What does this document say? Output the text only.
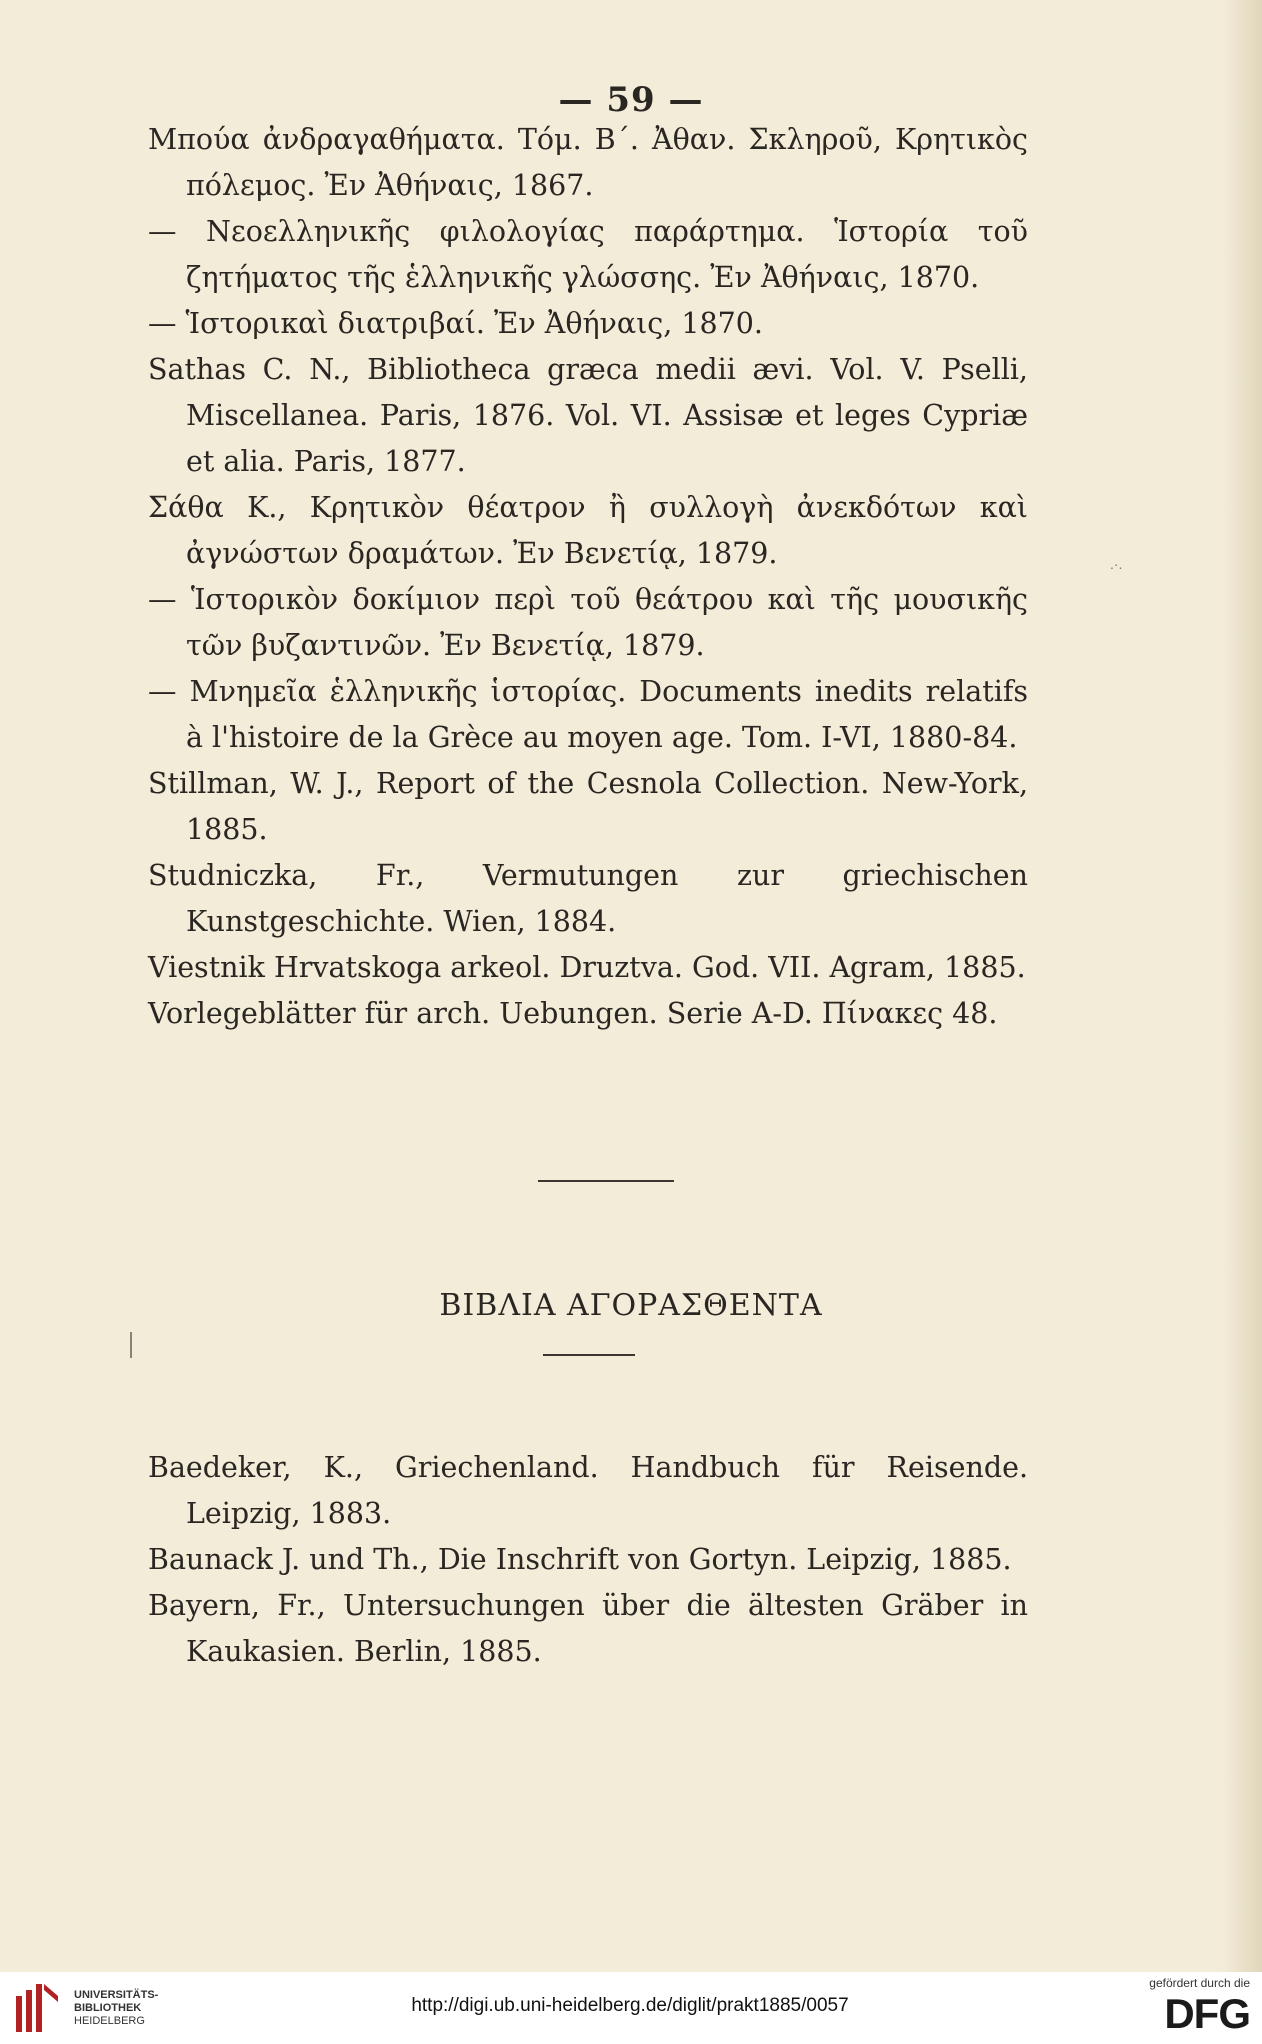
— 59 —
Μπούα ἀνδραγαθήματα. Τόμ. Β΄. Ἀθαν. Σκληροῦ, Κρητικὸς πόλεμος. Ἐν Ἀθήναις, 1867.
— Νεοελληνικῆς φιλολογίας παράρτημα. Ἱστορία τοῦ ζητήματος τῆς ἑλληνικῆς γλώσσης. Ἐν Ἀθήναις, 1870.
— Ἱστορικαὶ διατριβαί. Ἐν Ἀθήναις, 1870.
Sathas C. N., Bibliotheca græca medii ævi. Vol. V. Pselli, Miscellanea. Paris, 1876. Vol. VI. Assisæ et leges Cypriæ et alia. Paris, 1877.
Σάθα Κ., Κρητικὸν θέατρον ἢ συλλογὴ ἀνεκδότων καὶ ἀγνώστων δραμάτων. Ἐν Βενετίᾳ, 1879.
— Ἱστορικὸν δοκίμιον περὶ τοῦ θεάτρου καὶ τῆς μουσικῆς τῶν βυζαντινῶν. Ἐν Βενετίᾳ, 1879.
— Μνημεῖα ἑλληνικῆς ἱστορίας. Documents inedits relatifs à l'histoire de la Grèce au moyen age. Tom. I-VI, 1880-84.
Stillman, W. J., Report of the Cesnola Collection. New-York, 1885.
Studniczka, Fr., Vermutungen zur griechischen Kunstgeschichte. Wien, 1884.
Viestnik Hrvatskoga arkeol. Druztva. God. VII. Agram, 1885.
Vorlegeblätter für arch. Uebungen. Serie A-D. Πίνακες 48.
ΒΙΒΛΙΑ ΑΓΟΡΑΣΘΕΝΤΑ
Baedeker, K., Griechenland. Handbuch für Reisende. Leipzig, 1883.
Baunack J. und Th., Die Inschrift von Gortyn. Leipzig, 1885.
Bayern, Fr., Untersuchungen über die ältesten Gräber in Kaukasien. Berlin, 1885.
.·.
UNIVERSITÄTS-
BIBLIOTHEK
HEIDELBERG
http://digi.ub.uni-heidelberg.de/diglit/prakt1885/0057
gefördert durch die
DFG
